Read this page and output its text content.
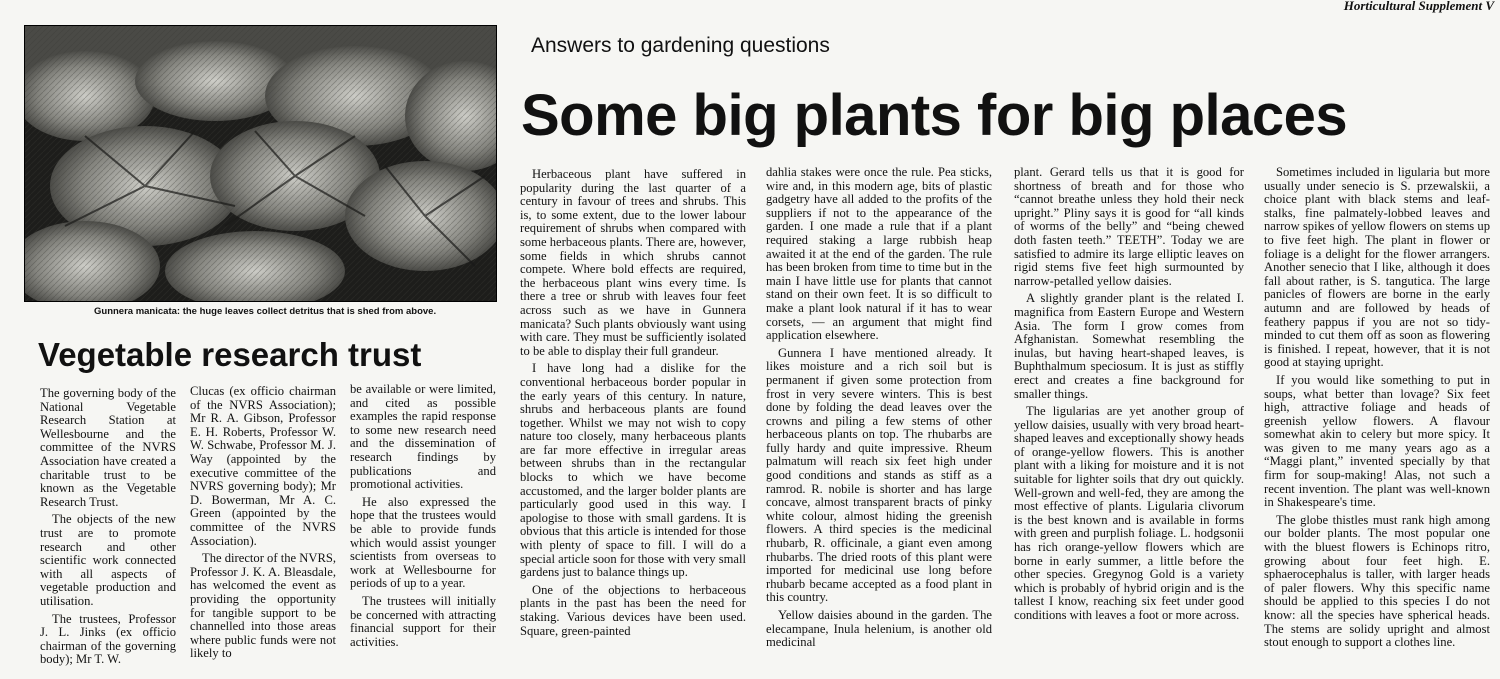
Horticultural Supplement V
Gunnera manicata: the huge leaves collect detritus that is shed from above.
Answers to gardening questions
Some big plants for big places
Vegetable research trust

The governing body of the National Vegetable Research Station at Wellesbourne and the committee of the NVRS Association have created a charitable trust to be known as the Vegetable Research Trust.

The objects of the new trust are to promote research and other scientific work connected with all aspects of vegetable production and utilisation.

The trustees, Professor J. L. Jinks (ex officio chairman of the governing body); Mr T. W.

Clucas (ex officio chairman of the NVRS Association); Mr R. A. Gibson, Professor E. H. Roberts, Professor W. W. Schwabe, Professor M. J. Way (appointed by the executive committee of the NVRS governing body); Mr D. Bowerman, Mr A. C. Green (appointed by the committee of the NVRS Association).

The director of the NVRS, Professor J. K. A. Bleasdale, has welcomed the event as providing the opportunity for tangible support to be channelled into those areas where public funds were not likely to

be available or were limited, and cited as possible examples the rapid response to some new research need and the dissemination of research findings by publications and promotional activities.

He also expressed the hope that the trustees would be able to provide funds which would assist younger scientists from overseas to work at Wellesbourne for periods of up to a year.

The trustees will initially be concerned with attracting financial support for their activities.

Herbaceous plant have suffered in popularity during the last quarter of a century in favour of trees and shrubs. This is, to some extent, due to the lower labour requirement of shrubs when compared with some herbaceous plants. There are, however, some fields in which shrubs cannot compete. Where bold effects are required, the herbaceous plant wins every time. Is there a tree or shrub with leaves four feet across such as we have in Gunnera manicata? Such plants obviously want using with care. They must be sufficiently isolated to be able to display their full grandeur.

I have long had a dislike for the conventional herbaceous border popular in the early years of this century. In nature, shrubs and herbaceous plants are found together. Whilst we may not wish to copy nature too closely, many herbaceous plants are far more effective in irregular areas between shrubs than in the rectangular blocks to which we have become accustomed, and the larger bolder plants are particularly good used in this way. I apologise to those with small gardens. It is obvious that this article is intended for those with plenty of space to fill. I will do a special article soon for those with very small gardens just to balance things up.

One of the objections to herbaceous plants in the past has been the need for staking. Various devices have been used. Square, green-painted

dahlia stakes were once the rule. Pea sticks, wire and, in this modern age, bits of plastic gadgetry have all added to the profits of the suppliers if not to the appearance of the garden. I one made a rule that if a plant required staking a large rubbish heap awaited it at the end of the garden. The rule has been broken from time to time but in the main I have little use for plants that cannot stand on their own feet. It is so difficult to make a plant look natural if it has to wear corsets, — an argument that might find application elsewhere.

Gunnera I have mentioned already. It likes moisture and a rich soil but is permanent if given some protection from frost in very severe winters. This is best done by folding the dead leaves over the crowns and piling a few stems of other herbaceous plants on top. The rhubarbs are fully hardy and quite impressive. Rheum palmatum will reach six feet high under good conditions and stands as stiff as a ramrod. R. nobile is shorter and has large concave, almost transparent bracts of pinky white colour, almost hiding the greenish flowers. A third species is the medicinal rhubarb, R. officinale, a giant even among rhubarbs. The dried roots of this plant were imported for medicinal use long before rhubarb became accepted as a food plant in this country.

Yellow daisies abound in the garden. The elecampane, Inula helenium, is another old medicinal

plant. Gerard tells us that it is good for shortness of breath and for those who “cannot breathe unless they hold their neck upright.” Pliny says it is good for “all kinds of worms of the belly” and “being chewed doth fasten teeth.” TEETH”. Today we are satisfied to admire its large elliptic leaves on rigid stems five feet high surmounted by narrow-petalled yellow daisies.

A slightly grander plant is the related I. magnifica from Eastern Europe and Western Asia. The form I grow comes from Afghanistan. Somewhat resembling the inulas, but having heart-shaped leaves, is Buphthalmum speciosum. It is just as stiffly erect and creates a fine background for smaller things.

The ligularias are yet another group of yellow daisies, usually with very broad heart-shaped leaves and exceptionally showy heads of orange-yellow flowers. This is another plant with a liking for moisture and it is not suitable for lighter soils that dry out quickly. Well-grown and well-fed, they are among the most effective of plants. Ligularia clivorum is the best known and is available in forms with green and purplish foliage. L. hodgsonii has rich orange-yellow flowers which are borne in early summer, a little before the other species. Gregynog Gold is a variety which is probably of hybrid origin and is the tallest I know, reaching six feet under good conditions with leaves a foot or more across.

Sometimes included in ligularia but more usually under senecio is S. przewalskii, a choice plant with black stems and leaf-stalks, fine palmately-lobbed leaves and narrow spikes of yellow flowers on stems up to five feet high. The plant in flower or foliage is a delight for the flower arrangers. Another senecio that I like, although it does fall about rather, is S. tangutica. The large panicles of flowers are borne in the early autumn and are followed by heads of feathery pappus if you are not so tidy-minded to cut them off as soon as flowering is finished. I repeat, however, that it is not good at staying upright.

If you would like something to put in soups, what better than lovage? Six feet high, attractive foliage and heads of greenish yellow flowers. A flavour somewhat akin to celery but more spicy. It was given to me many years ago as a “Maggi plant,” invented specially by that firm for soup-making! Alas, not such a recent invention. The plant was well-known in Shakespeare's time.

The globe thistles must rank high among our bolder plants. The most popular one with the bluest flowers is Echinops ritro, growing about four feet high. E. sphaerocephalus is taller, with larger heads of paler flowers. Why this specific name should be applied to this species I do not know: all the species have spherical heads. The stems are solidy upright and almost stout enough to support a clothes line.
